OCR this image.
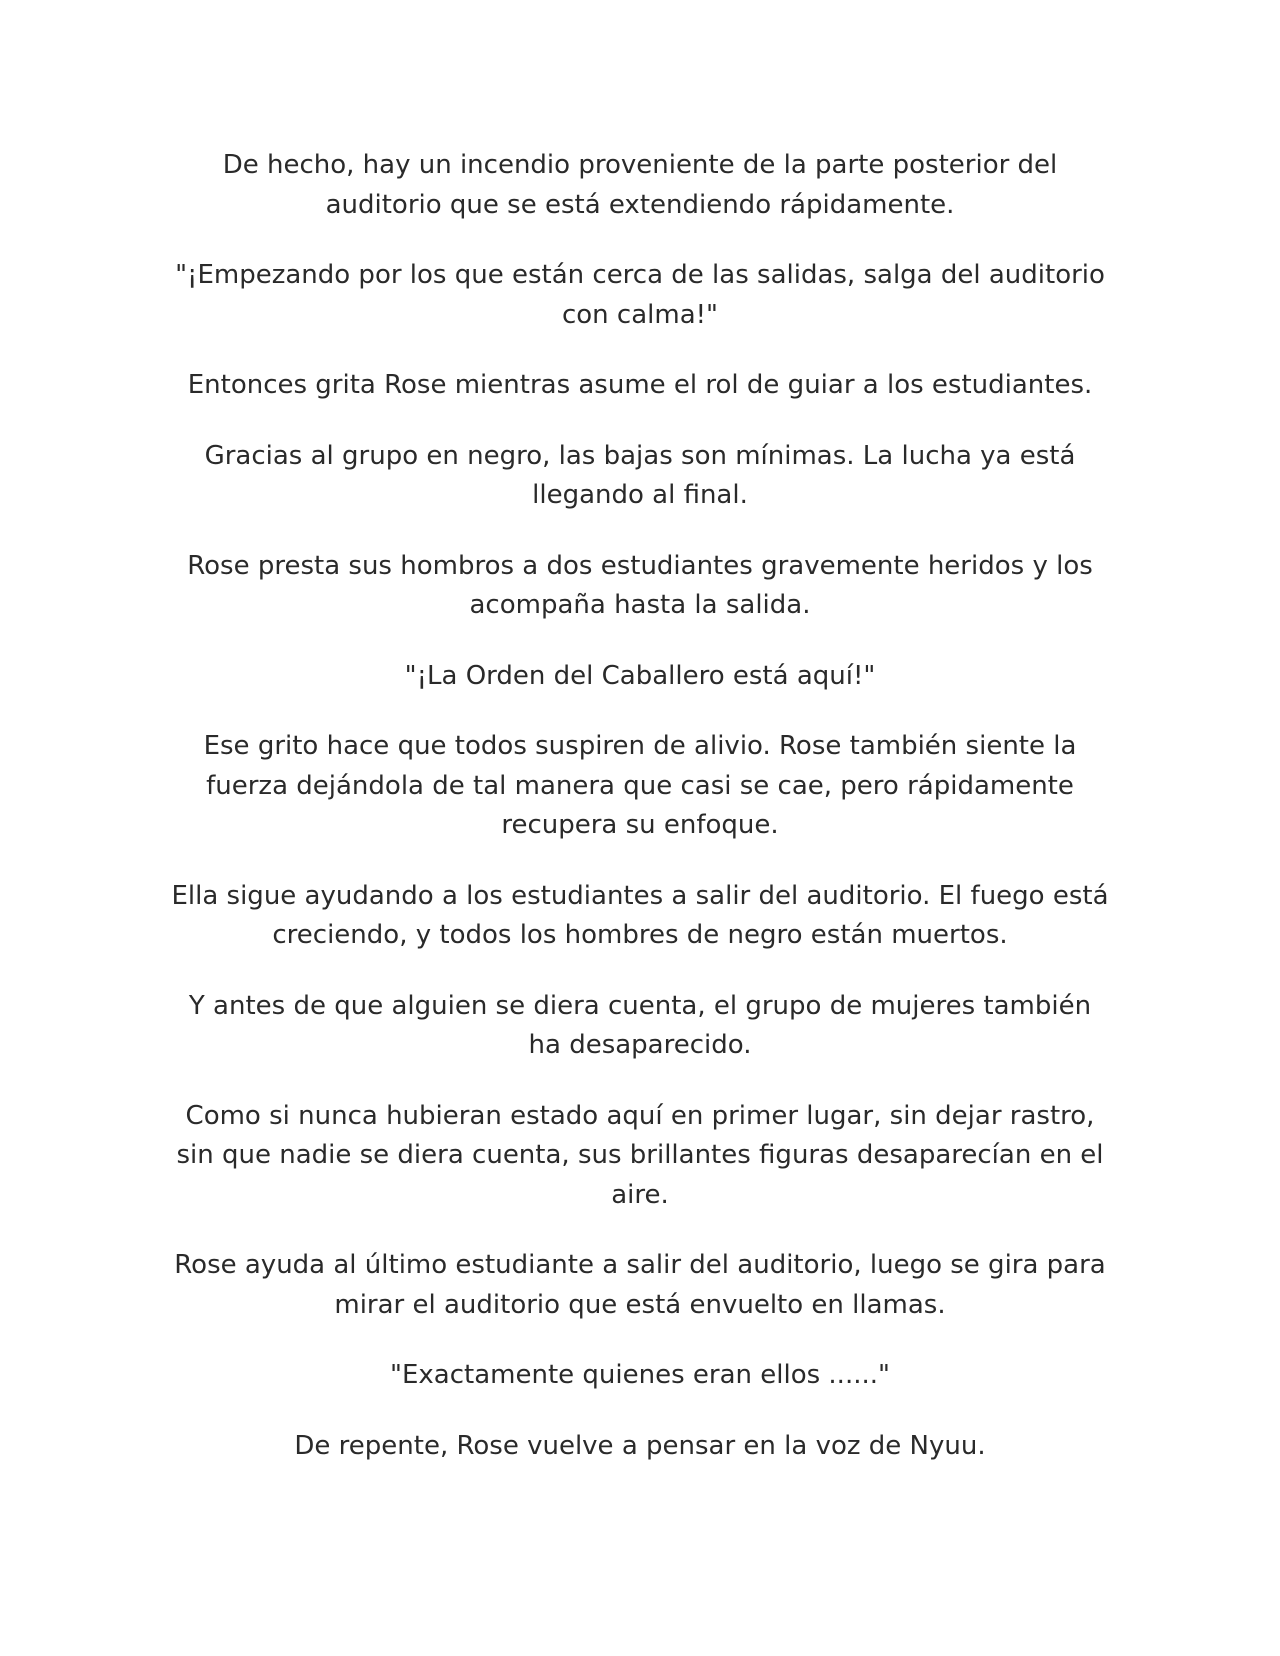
De hecho, hay un incendio proveniente de la parte posterior del auditorio que se está extendiendo rápidamente.

"¡Empezando por los que están cerca de las salidas, salga del auditorio con calma!"

Entonces grita Rose mientras asume el rol de guiar a los estudiantes.

Gracias al grupo en negro, las bajas son mínimas. La lucha ya está llegando al final.

Rose presta sus hombros a dos estudiantes gravemente heridos y los acompaña hasta la salida.

"¡La Orden del Caballero está aquí!"

Ese grito hace que todos suspiren de alivio. Rose también siente la fuerza dejándola de tal manera que casi se cae, pero rápidamente recupera su enfoque.

Ella sigue ayudando a los estudiantes a salir del auditorio. El fuego está creciendo, y todos los hombres de negro están muertos.

Y antes de que alguien se diera cuenta, el grupo de mujeres también ha desaparecido.

Como si nunca hubieran estado aquí en primer lugar, sin dejar rastro, sin que nadie se diera cuenta, sus brillantes figuras desaparecían en el aire.

Rose ayuda al último estudiante a salir del auditorio, luego se gira para mirar el auditorio que está envuelto en llamas.

"Exactamente quienes eran ellos ......"

De repente, Rose vuelve a pensar en la voz de Nyuu.
